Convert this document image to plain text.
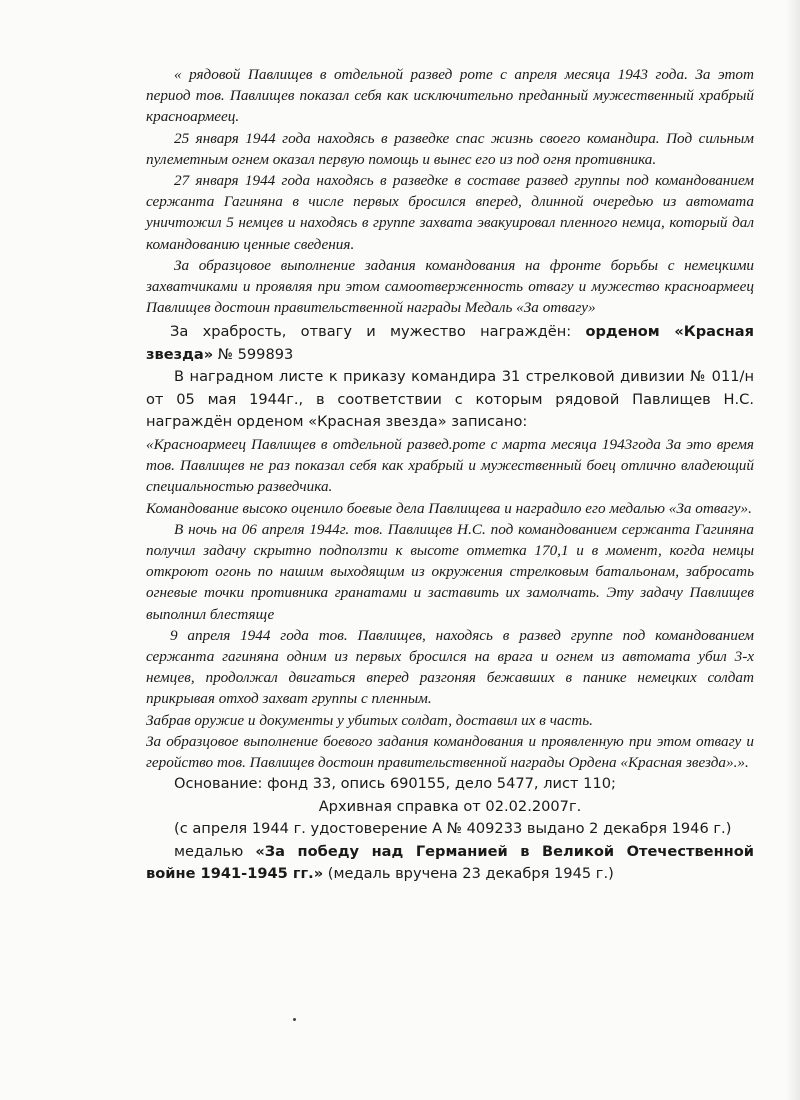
« рядовой Павлищев в отдельной развед роте с апреля месяца 1943 года. За этот период тов. Павлищев показал себя как исключительно преданный мужественный храбрый красноармеец.

25 января 1944 года находясь в разведке спас жизнь своего командира. Под сильным пулеметным огнем оказал первую помощь и вынес его из под огня противника.

27 января 1944 года находясь в разведке в составе развед группы под командованием сержанта Гагиняна в числе первых бросился вперед, длинной очередью из автомата уничтожил 5 немцев и находясь в группе захвата эвакуировал пленного немца, который дал командованию ценные сведения.

За образцовое выполнение задания командования на фронте борьбы с немецкими захватчиками и проявляя при этом самоотверженность отвагу и мужество красноармеец Павлищев достоин правительственной награды Медаль «За отвагу»

За храбрость, отвагу и мужество награждён: орденом «Красная звезда» № 599893

В наградном листе к приказу командира 31 стрелковой дивизии № 011/н от 05 мая 1944г., в соответствии с которым рядовой Павлищев Н.С. награждён орденом «Красная звезда» записано:

«Красноармеец Павлищев в отдельной развед.роте с марта месяца 1943года За это время тов. Павлищев не раз показал себя как храбрый и мужественный боец отлично владеющий специальностью разведчика.

Командование высоко оценило боевые дела Павлищева и наградило его медалью «За отвагу».

В ночь на 06 апреля 1944г. тов. Павлищев Н.С. под командованием сержанта Гагиняна получил задачу скрытно подползти к высоте отметка 170,1 и в момент, когда немцы откроют огонь по нашим выходящим из окружения стрелковым батальонам, забросать огневые точки противника гранатами и заставить их замолчать. Эту задачу Павлищев выполнил блестяще

9 апреля 1944 года тов. Павлищев, находясь в развед группе под командованием сержанта гагиняна одним из первых бросился на врага и огнем из автомата убил 3-х немцев, продолжал двигаться вперед разгоняя бежавших в панике немецких солдат прикрывая отход захват группы с пленным.

Забрав оружие и документы у убитых солдат, доставил их в часть.

За образцовое выполнение боевого задания командования и проявленную при этом отвагу и геройство тов. Павлищев достоин правительственной награды Ордена «Красная звезда».».

Основание: фонд 33, опись 690155, дело 5477, лист 110;

Архивная справка от 02.02.2007г.

(с апреля 1944 г. удостоверение А № 409233 выдано 2 декабря 1946 г.)

медалью «За победу над Германией в Великой Отечественной войне 1941-1945 гг.» (медаль вручена 23 декабря 1945 г.)
